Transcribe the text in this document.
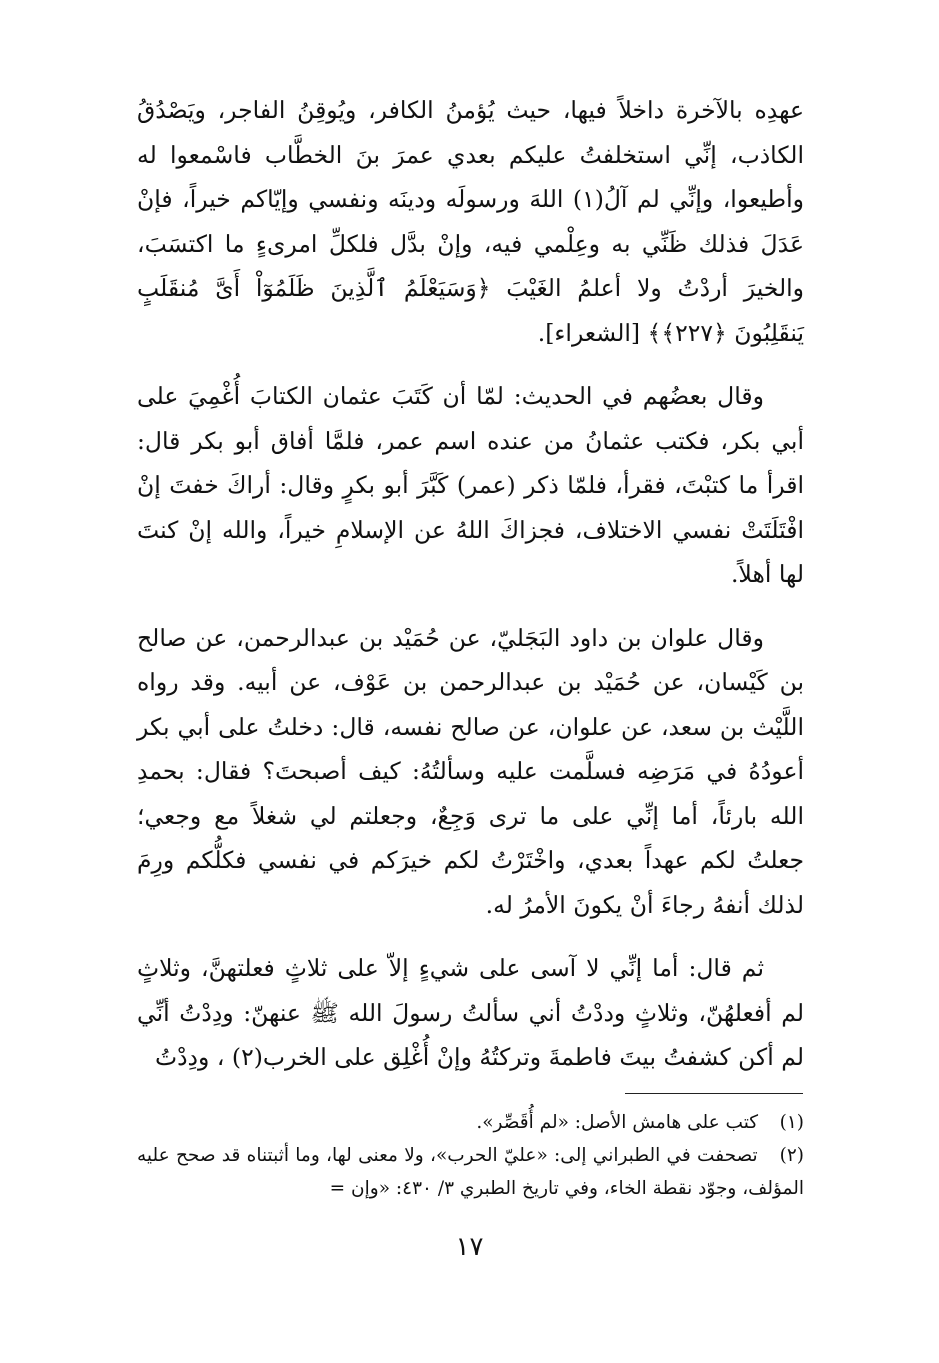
عهدِه بالآخرة داخلاً فيها، حيث يُؤمنُ الكافر، ويُوقِنُ الفاجر، ويَصْدُقُ الكاذب، إنِّي استخلفتُ عليكم بعدي عمرَ بنَ الخطَّاب فاسْمعوا له وأطيعوا، وإنِّي لم آلُ(١) اللهَ ورسولَه ودينَه ونفسي وإيّاكم خيراً، فإنْ عَدَلَ فذلك ظَنِّي به وعِلْمي فيه، وإنْ بدَّل فلكلِّ امرىءٍ ما اكتسَبَ، والخيرَ أردْتُ ولا أعلمُ الغَيْبَ ﴿وَسَيَعْلَمُ ٱلَّذِينَ ظَلَمُوٓاْ أَىَّ مُنقَلَبٍ يَنقَلِبُونَ ﴿٢٢٧﴾﴾ [الشعراء].

وقال بعضُهم في الحديث: لمّا أن كَتَبَ عثمان الكتابَ أُغْمِيَ على أبي بكر، فكتب عثمانُ من عنده اسم عمر، فلمَّا أفاق أبو بكر قال: اقرأ ما كتبْتَ، فقرأ، فلمّا ذكر (عمر) كَبَّرَ أبو بكرٍ وقال: أراكَ خفتَ إنْ افْتَلَتَتْ نفسي الاختلاف، فجزاكَ اللهُ عن الإسلامِ خيراً، والله إنْ كنتَ لها أهلاً.

وقال علوان بن داود البَجَليّ، عن حُمَيْد بن عبدالرحمن، عن صالح بن كَيْسان، عن حُمَيْد بن عبدالرحمن بن عَوْف، عن أبيه. وقد رواه اللَّيْث بن سعد، عن علوان، عن صالح نفسه، قال: دخلتُ على أبي بكر أعودُهُ في مَرَضِه فسلَّمت عليه وسألتُهُ: كيف أصبحتَ؟ فقال: بحمدِ الله بارئاً، أما إنِّي على ما ترى وَجِعٌ، وجعلتم لي شغلاً مع وجعي؛ جعلتُ لكم عهداً بعدي، واخْتَرْتُ لكم خيرَكم في نفسي فكلُّكم ورِمَ لذلك أنفهُ رجاءَ أنْ يكونَ الأمرُ له.

ثم قال: أما إنِّي لا آسى على شيءٍ إلاّ على ثلاثٍ فعلتهنَّ، وثلاثٍ لم أفعلهُنّ، وثلاثٍ وددْتُ أني سألتُ رسولَ الله ﷺ عنهنّ: ودِدْتُ أنِّي لم أكن كشفتُ بيتَ فاطمةَ وتركتُهُ وإنْ أُغْلِق على الخرب(٢) ، ودِدْتُ

(١) كتب على هامش الأصل: «لم أُقَصِّر».

(٢) تصحفت في الطبراني إلى: «عليّ الحرب»، ولا معنى لها، وما أثبتناه قد صحح عليه المؤلف، وجوّد نقطة الخاء، وفي تاريخ الطبري ٣/ ٤٣٠: «وإن =

١٧
